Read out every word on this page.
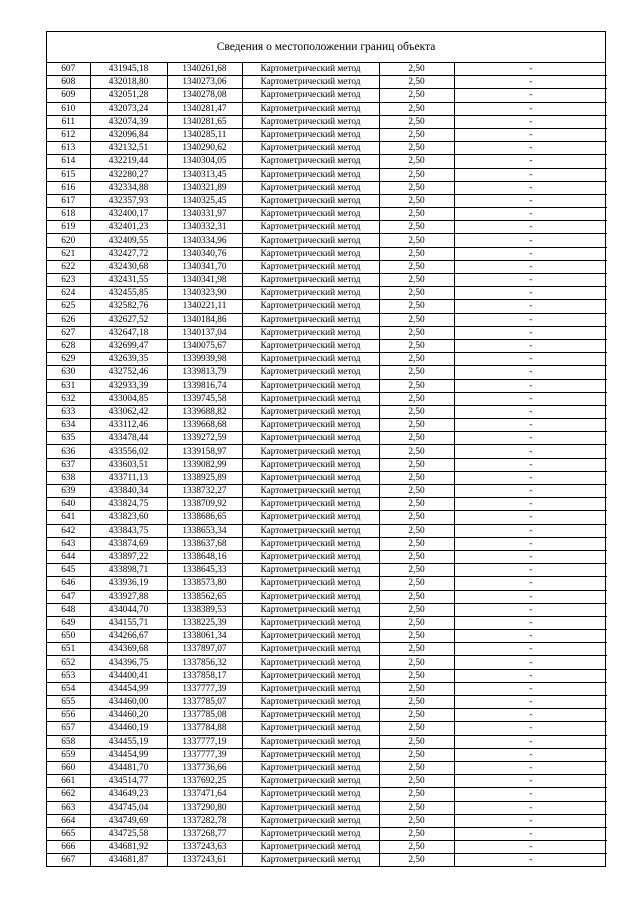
Сведения о местоположении границ объекта
607	431945,18	1340261,68	Картометрический метод	2,50	-
608	432018,80	1340273,06	Картометрический метод	2,50	-
609	432051,28	1340278,08	Картометрический метод	2,50	-
610	432073,24	1340281,47	Картометрический метод	2,50	-
611	432074,39	1340281,65	Картометрический метод	2,50	-
612	432096,84	1340285,11	Картометрический метод	2,50	-
613	432132,51	1340290,62	Картометрический метод	2,50	-
614	432219,44	1340304,05	Картометрический метод	2,50	-
615	432280,27	1340313,45	Картометрический метод	2,50	-
616	432334,88	1340321,89	Картометрический метод	2,50	-
617	432357,93	1340325,45	Картометрический метод	2,50	-
618	432400,17	1340331,97	Картометрический метод	2,50	-
619	432401,23	1340332,31	Картометрический метод	2,50	-
620	432409,55	1340334,96	Картометрический метод	2,50	-
621	432427,72	1340340,76	Картометрический метод	2,50	-
622	432430,68	1340341,70	Картометрический метод	2,50	-
623	432431,55	1340341,98	Картометрический метод	2,50	-
624	432455,85	1340323,90	Картометрический метод	2,50	-
625	432582,76	1340221,11	Картометрический метод	2,50	-
626	432627,52	1340184,86	Картометрический метод	2,50	-
627	432647,18	1340137,04	Картометрический метод	2,50	-
628	432699,47	1340075,67	Картометрический метод	2,50	-
629	432639,35	1339939,98	Картометрический метод	2,50	-
630	432752,46	1339813,79	Картометрический метод	2,50	-
631	432933,39	1339816,74	Картометрический метод	2,50	-
632	433004,85	1339745,58	Картометрический метод	2,50	-
633	433062,42	1339688,82	Картометрический метод	2,50	-
634	433112,46	1339668,68	Картометрический метод	2,50	-
635	433478,44	1339272,59	Картометрический метод	2,50	-
636	433556,02	1339158,97	Картометрический метод	2,50	-
637	433603,51	1339082,99	Картометрический метод	2,50	-
638	433711,13	1338925,89	Картометрический метод	2,50	-
639	433840,34	1338732,27	Картометрический метод	2,50	-
640	433824,75	1338709,92	Картометрический метод	2,50	-
641	433823,60	1338686,65	Картометрический метод	2,50	-
642	433843,75	1338653,34	Картометрический метод	2,50	-
643	433874,69	1338637,68	Картометрический метод	2,50	-
644	433897,22	1338648,16	Картометрический метод	2,50	-
645	433898,71	1338645,33	Картометрический метод	2,50	-
646	433936,19	1338573,80	Картометрический метод	2,50	-
647	433927,88	1338562,65	Картометрический метод	2,50	-
648	434044,70	1338389,53	Картометрический метод	2,50	-
649	434155,71	1338225,39	Картометрический метод	2,50	-
650	434266,67	1338061,34	Картометрический метод	2,50	-
651	434369,68	1337897,07	Картометрический метод	2,50	-
652	434396,75	1337856,32	Картометрический метод	2,50	-
653	434400,41	1337858,17	Картометрический метод	2,50	-
654	434454,99	1337777,39	Картометрический метод	2,50	-
655	434460,00	1337785,07	Картометрический метод	2,50	-
656	434460,20	1337785,08	Картометрический метод	2,50	-
657	434460,19	1337784,88	Картометрический метод	2,50	-
658	434455,19	1337777,19	Картометрический метод	2,50	-
659	434454,99	1337777,39	Картометрический метод	2,50	-
660	434481,70	1337736,66	Картометрический метод	2,50	-
661	434514,77	1337692,25	Картометрический метод	2,50	-
662	434649,23	1337471,64	Картометрический метод	2,50	-
663	434745,04	1337290,80	Картометрический метод	2,50	-
664	434749,69	1337282,78	Картометрический метод	2,50	-
665	434725,58	1337268,77	Картометрический метод	2,50	-
666	434681,92	1337243,63	Картометрический метод	2,50	-
667	434681,87	1337243,61	Картометрический метод	2,50	-
